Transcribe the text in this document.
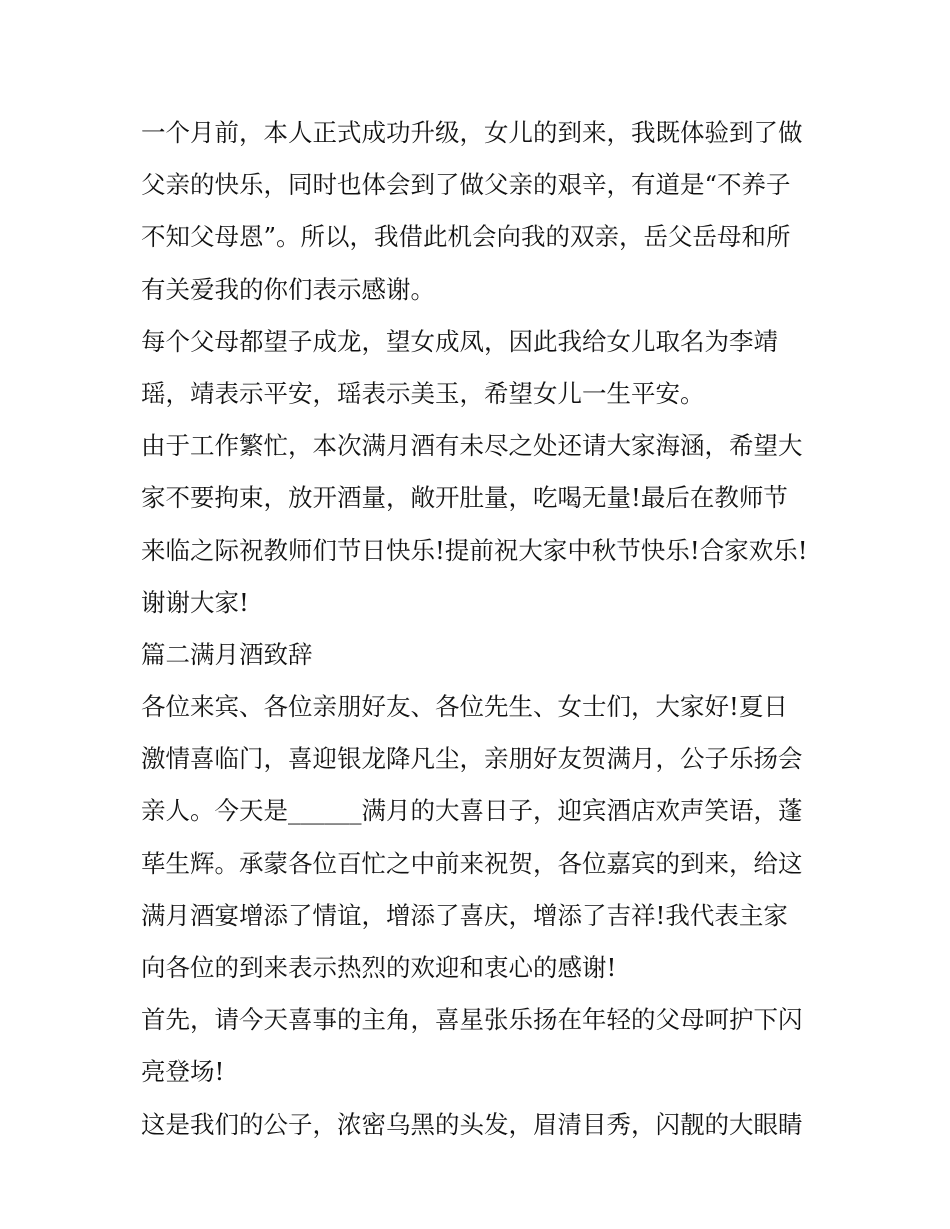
一个月前，本人正式成功升级，女儿的到来，我既体验到了做
父亲的快乐，同时也体会到了做父亲的艰辛，有道是“不养子
不知父母恩”。所以，我借此机会向我的双亲，岳父岳母和所
有关爱我的你们表示感谢。
每个父母都望子成龙，望女成凤，因此我给女儿取名为李靖
瑶，靖表示平安，瑶表示美玉，希望女儿一生平安。
由于工作繁忙，本次满月酒有未尽之处还请大家海涵，希望大
家不要拘束，放开酒量，敞开肚量，吃喝无量!最后在教师节
来临之际祝教师们节日快乐!提前祝大家中秋节快乐!合家欢乐!
谢谢大家!
篇二满月酒致辞
各位来宾、各位亲朋好友、各位先生、女士们，大家好!夏日
激情喜临门，喜迎银龙降凡尘，亲朋好友贺满月，公子乐扬会
亲人。今天是______满月的大喜日子，迎宾酒店欢声笑语，蓬
荜生辉。承蒙各位百忙之中前来祝贺，各位嘉宾的到来，给这
满月酒宴增添了情谊，增添了喜庆，增添了吉祥!我代表主家
向各位的到来表示热烈的欢迎和衷心的感谢!
首先，请今天喜事的主角，喜星张乐扬在年轻的父母呵护下闪
亮登场!
这是我们的公子，浓密乌黑的头发，眉清目秀，闪靓的大眼睛
